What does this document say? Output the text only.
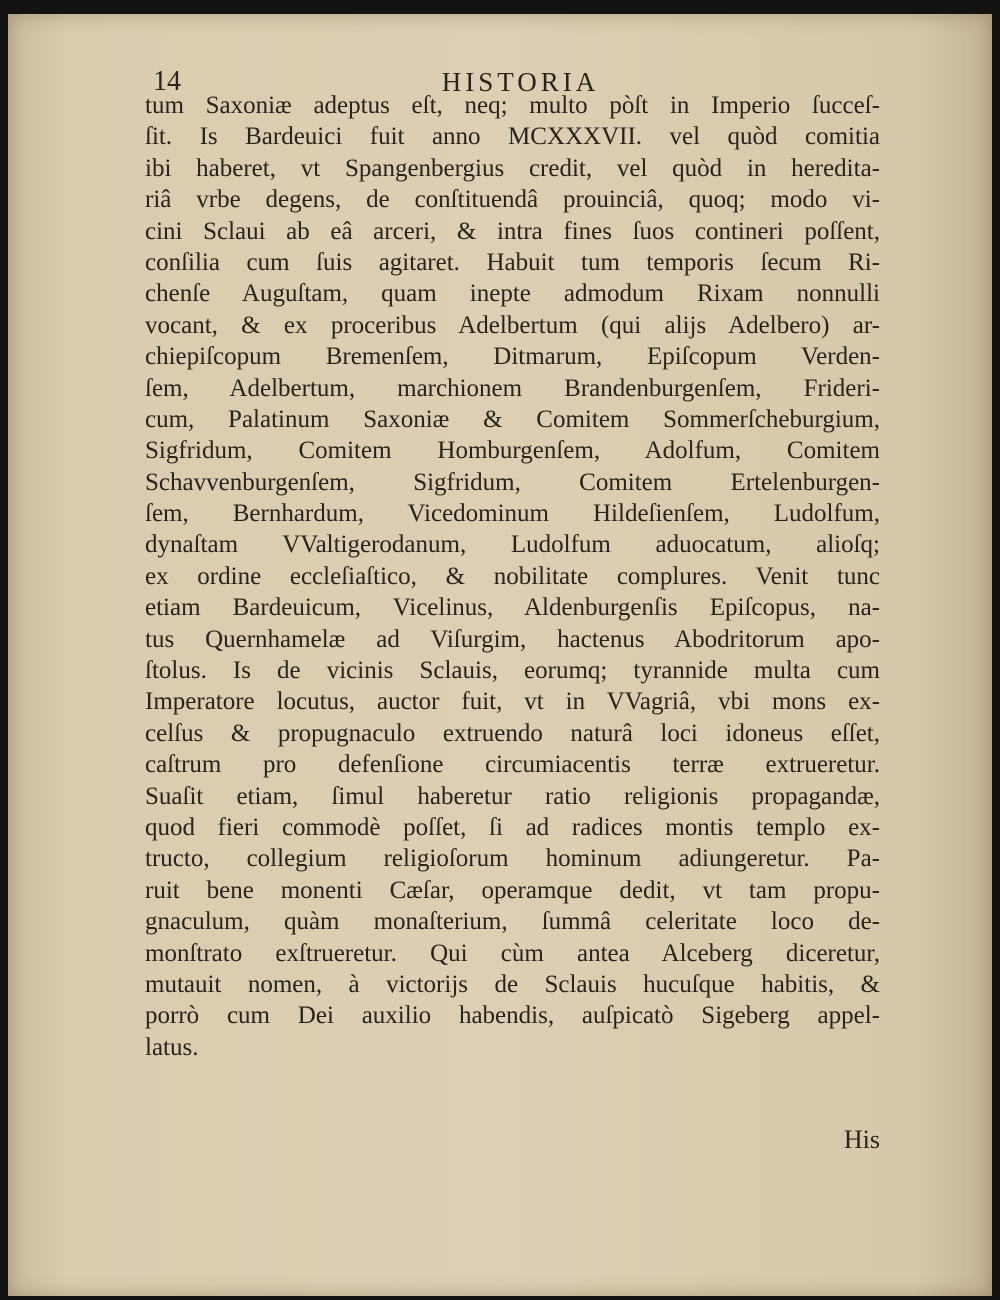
14	HISTORIA
tum Saxoniæ adeptus eſt, neq; multo pòſt in Imperio ſucceſ-
ſit. Is Bardeuici fuit anno MCXXXVII. vel quòd comitia
ibi haberet, vt Spangenbergius credit, vel quòd in heredita-
riâ vrbe degens, de conſtituendâ prouinciâ, quoq; modo vi-
cini Sclaui ab eâ arceri, & intra fines ſuos contineri poſſent,
conſilia cum ſuis agitaret. Habuit tum temporis ſecum Ri-
chenſe Auguſtam, quam inepte admodum Rixam nonnulli
vocant, & ex proceribus Adelbertum (qui alijs Adelbero) ar-
chiepiſcopum Bremenſem, Ditmarum, Epiſcopum Verden-
ſem, Adelbertum, marchionem Brandenburgenſem, Frideri-
cum, Palatinum Saxoniæ & Comitem Sommerſcheburgium,
Sigfridum, Comitem Homburgenſem, Adolfum, Comitem
Schavvenburgenſem, Sigfridum, Comitem Ertelenburgen-
ſem, Bernhardum, Vicedominum Hildeſienſem, Ludolfum,
dynaſtam VValtigerodanum, Ludolfum aduocatum, alioſq;
ex ordine eccleſiaſtico, & nobilitate complures. Venit tunc
etiam Bardeuicum, Vicelinus, Aldenburgenſis Epiſcopus, na-
tus Quernhamelæ ad Viſurgim, hactenus Abodritorum apo-
ſtolus. Is de vicinis Sclauis, eorumq; tyrannide multa cum
Imperatore locutus, auctor fuit, vt in VVagriâ, vbi mons ex-
celſus & propugnaculo extruendo naturâ loci idoneus eſſet,
caſtrum pro defenſione circumiacentis terræ extrueretur.
Suaſit etiam, ſimul haberetur ratio religionis propagandæ,
quod fieri commodè poſſet, ſi ad radices montis templo ex-
tructo, collegium religioſorum hominum adiungeretur. Pa-
ruit bene monenti Cæſar, operamque dedit, vt tam propu-
gnaculum, quàm monaſterium, ſummâ celeritate loco de-
monſtrato exſtrueretur. Qui cùm antea Alceberg diceretur,
mutauit nomen, à victorijs de Sclauis hucuſque habitis, &
porrò cum Dei auxilio habendis, auſpicatò Sigeberg appel-
latus.
His
